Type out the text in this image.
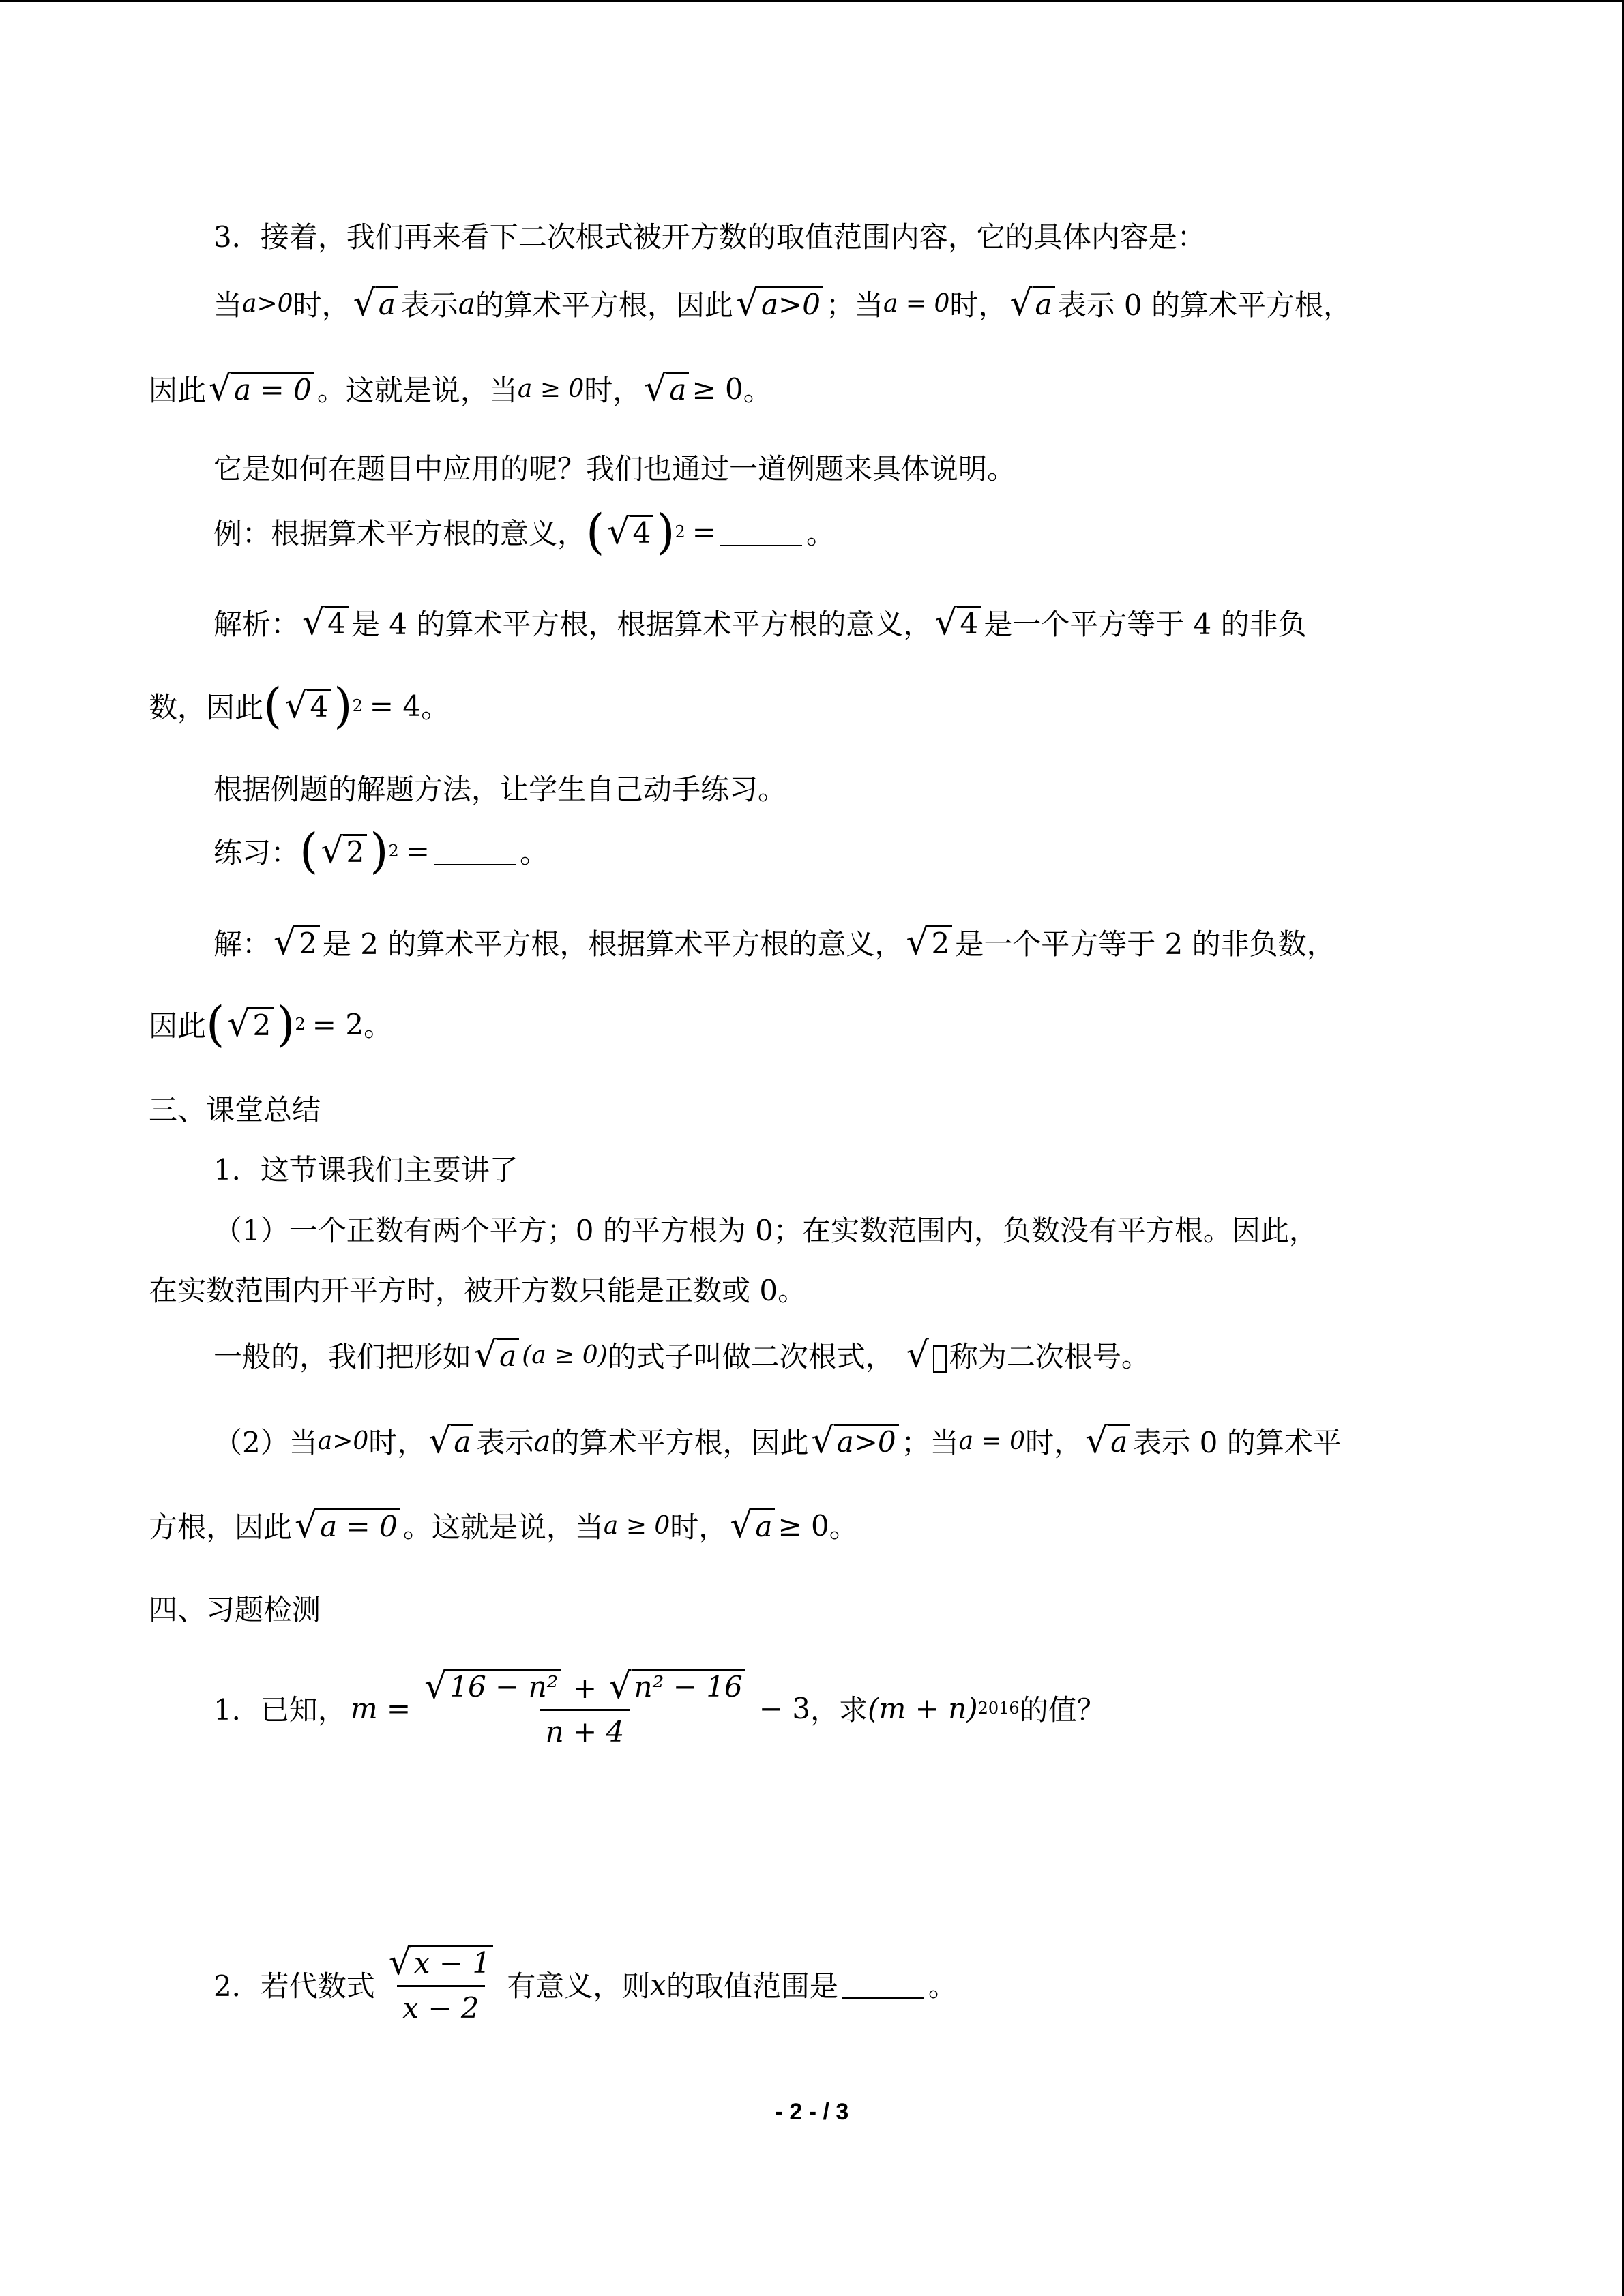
3．接着，我们再来看下二次根式被开方数的取值范围内容，它的具体内容是：
当 a>0 时， √ a 表示 a 的算术平方根，因此 √ a>0 ；当 a = 0 时， √ a 表示 0 的算术平方根，
因此 √ a = 0 。这就是说，当 a ≥ 0 时， √ a ≥ 0 。
它是如何在题目中应用的呢？我们也通过一道例题来具体说明。
例：根据算术平方根的意义， ( √ 4 ) 2 =	。
解析： √ 4 是 4 的算术平方根，根据算术平方根的意义， √ 4 是一个平方等于 4 的非负
数，因此 ( √ 4 ) 2 = 4 。
根据例题的解题方法，让学生自己动手练习。
练习： ( √ 2 ) 2 =	。
解： √ 2 是 2 的算术平方根，根据算术平方根的意义， √ 2 是一个平方等于 2 的非负数，
因此 ( √ 2 ) 2 = 2 。
三、课堂总结
1．这节课我们主要讲了
（1）一个正数有两个平方；0 的平方根为 0；在实数范围内，负数没有平方根。因此，
在实数范围内开平方时，被开方数只能是正数或 0。
一般的，我们把形如 √ a (a ≥ 0) 的式子叫做二次根式， √ 称为二次根号。
（2）当 a>0 时， √ a 表示 a 的算术平方根，因此 √ a>0 ；当 a = 0 时， √ a 表示 0 的算术平
方根，因此 √ a = 0 。这就是说，当 a ≥ 0 时， √ a ≥ 0 。
四、习题检测
1．已知， $m = \frac{\text{√ 16 − n² + √ n² − 16}}{n + 4} - 3$ ，求 (m + n) 2016 的值？
2．若代数式 $\frac{√ x - 1}{x - 2}$ 有意义，则 x 的取值范围是	。
- 2 - / 3
